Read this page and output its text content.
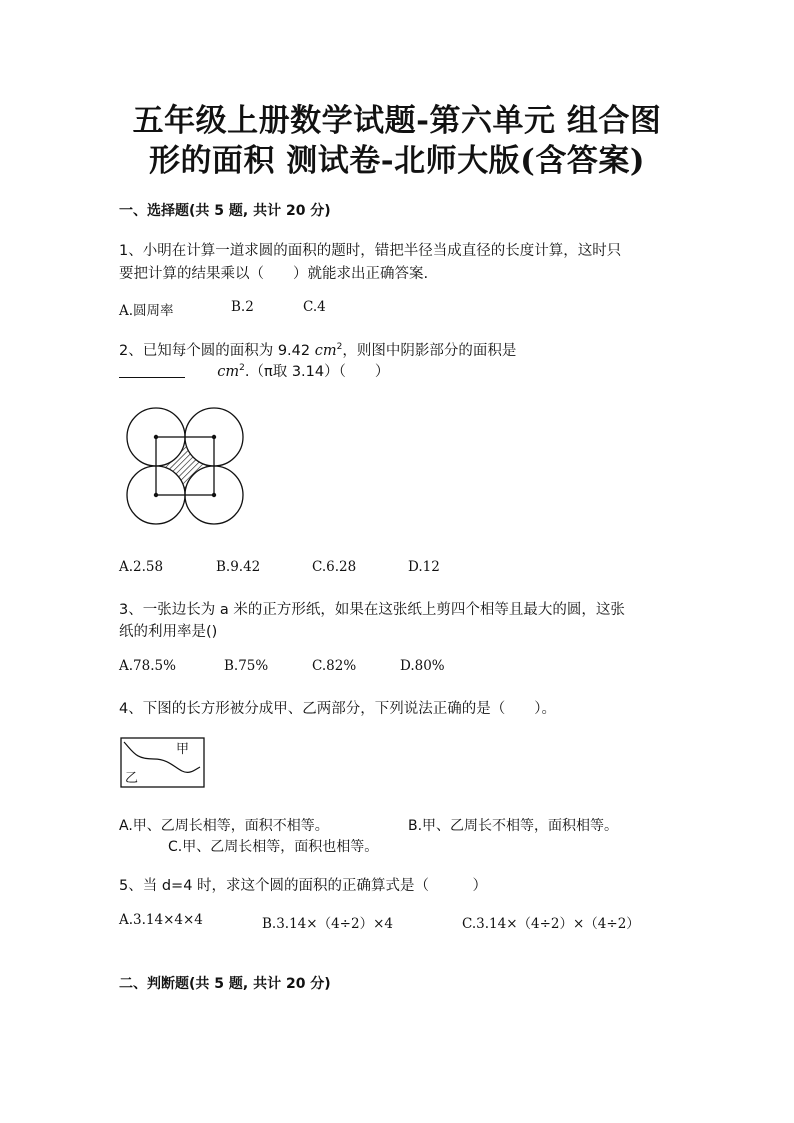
五年级上册数学试题-第六单元 组合图
形的面积 测试卷-北师大版(含答案)
一、选择题(共 5 题, 共计 20 分)
1、小明在计算一道求圆的面积的题时，错把半径当成直径的长度计算，这时只
要把计算的结果乘以（　　）就能求出正确答案.
A.圆周率	B.2	C.4
2、已知每个圆的面积为 9.42 $cm^2$，则图中阴影部分的面积是
$cm^2.(\pi$取 3.14）（　　）
A.2.58	B.9.42	C.6.28	D.12
3、一张边长为 a 米的正方形纸，如果在这张纸上剪四个相等且最大的圆，这张
纸的利用率是()
A.78.5%	B.75%	C.82%	D.80%
4、下图的长方形被分成甲、乙两部分，下列说法正确的是（　　）。
甲
乙
A.甲、乙周长相等，面积不相等。	B.甲、乙周长不相等，面积相等。
C.甲、乙周长相等，面积也相等。
5、当 d=4 时，求这个圆的面积的正确算式是（　　　）
A.3.14×4×4	B.3.14×（4÷2）×4	C.3.14×（4÷2）×（4÷2）
二、判断题(共 5 题, 共计 20 分)
